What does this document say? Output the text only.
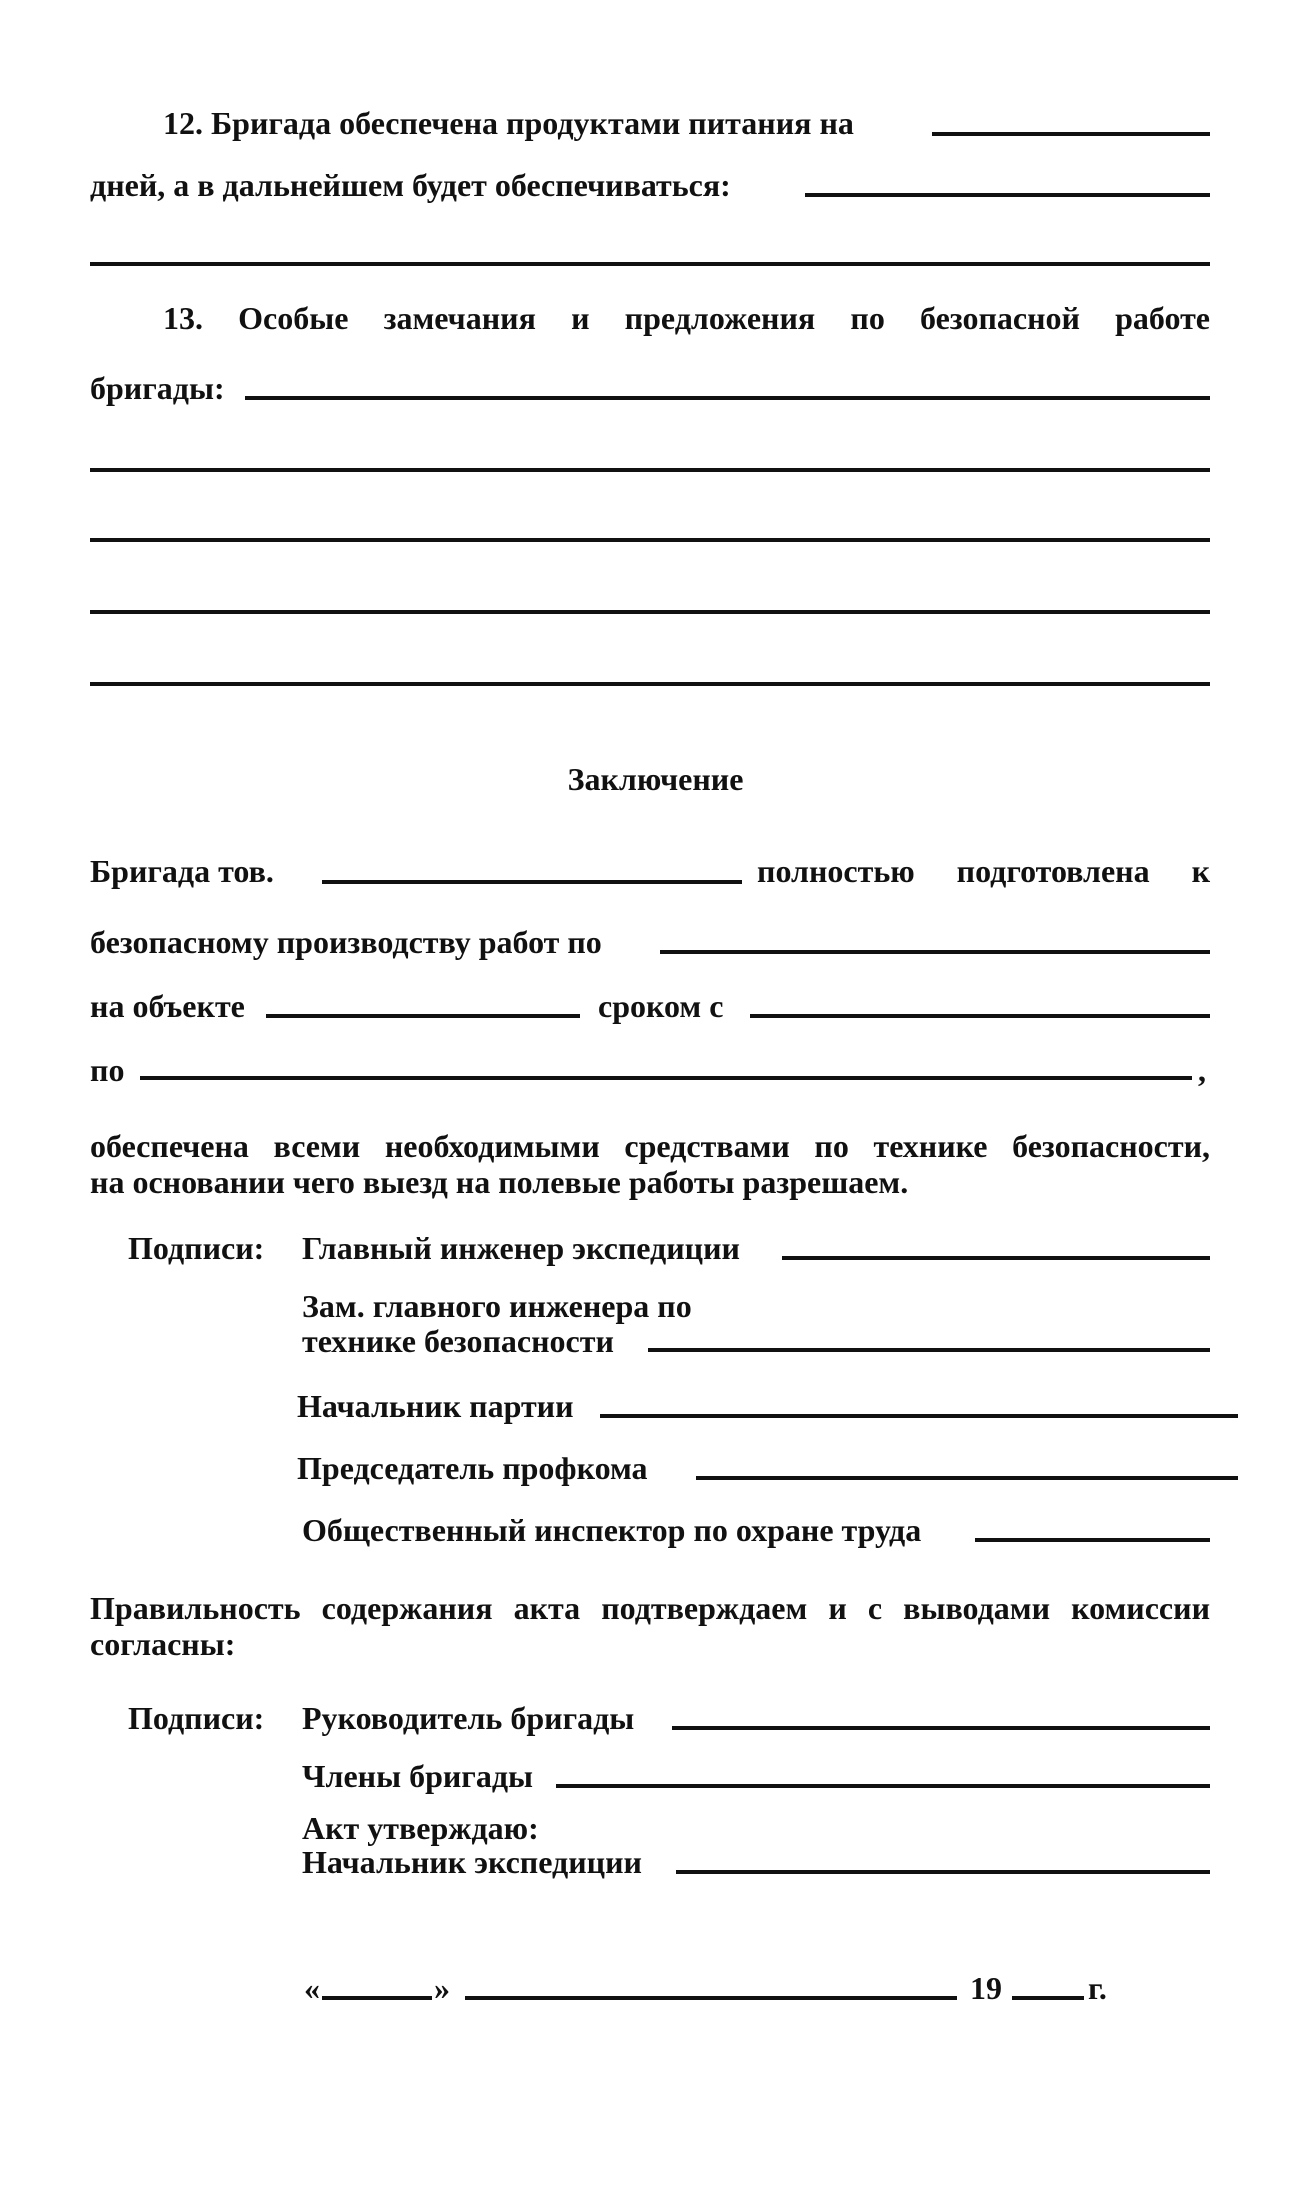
12. Бригада обеспечена продуктами питания на
дней, а в дальнейшем будет обеспечиваться:
13. Особые замечания и предложения по безопасной работе
бригады:
Заключение
Бригада тов.	полностью подготовлена к
безопасному производству работ по
на объекте	сроком с
по	,
обеспечена всеми необходимыми средствами по технике безопасности,
на основании чего выезд на полевые работы разрешаем.
Подписи: Главный инженер экспедиции
Зам. главного инженера по
технике безопасности
Начальник партии
Председатель профкома
Общественный инспектор по охране труда
Правильность содержания акта подтверждаем и с выводами комиссии
согласны:
Подписи: Руководитель бригады
Члены бригады
Акт утверждаю:
Начальник экспедиции
«	»	19	г.
